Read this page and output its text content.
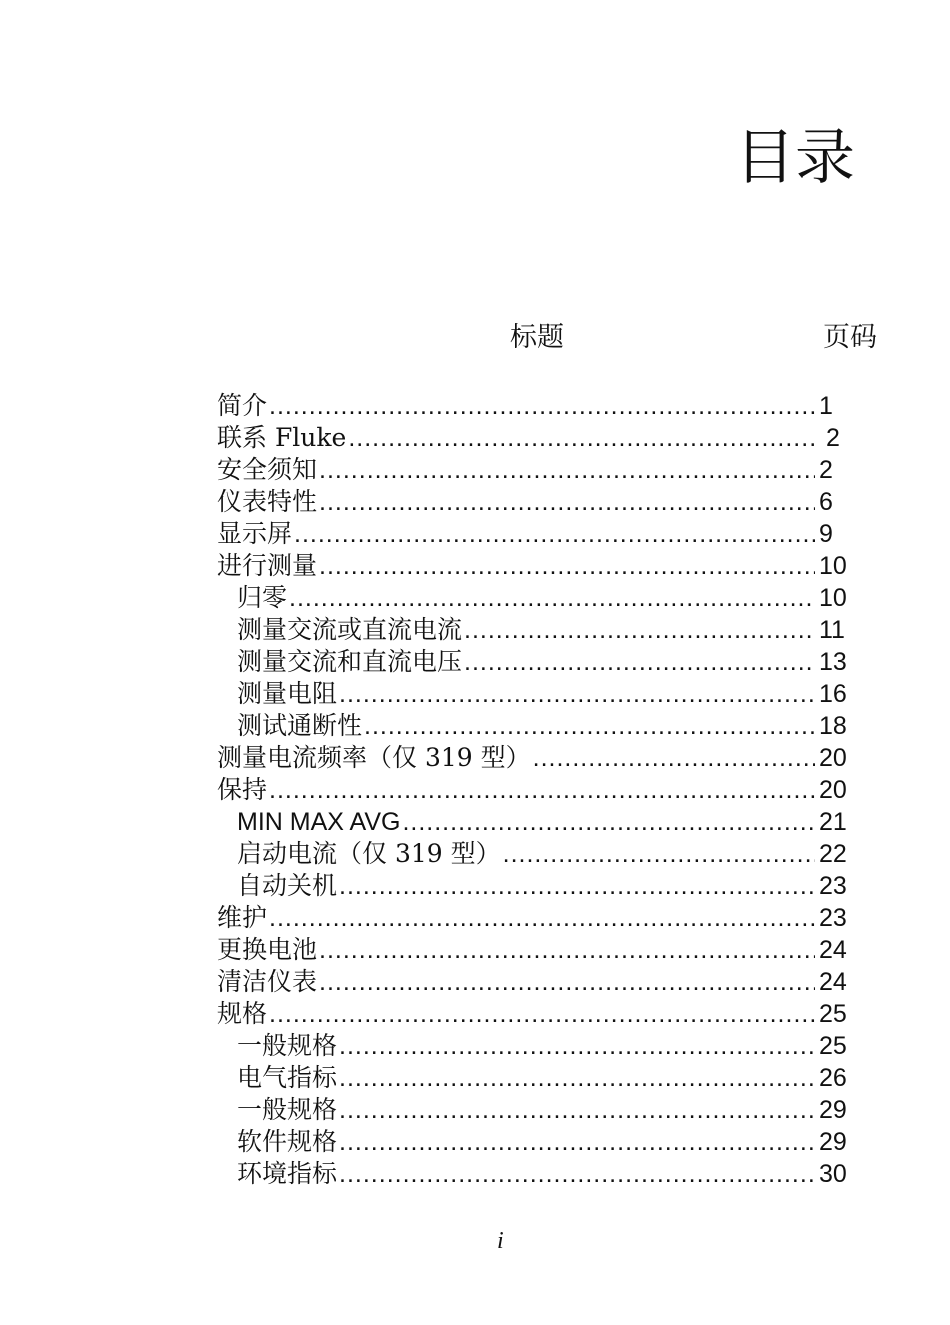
目录
标题	页码
简介 .....	1
联系 Fluke .....	2
安全须知 .....	2
仪表特性 .....	6
显示屏 .....	9
进行测量 .....	10
归零 .....	10
测量交流或直流电流 .....	11
测量交流和直流电压 .....	13
测量电阻 .....	16
测试通断性 .....	18
测量电流频率（仅 319 型） .....	20
保持 .....	20
MIN MAX AVG .....	21
启动电流（仅 319 型） .....	22
自动关机 .....	23
维护 .....	23
更换电池 .....	24
清洁仪表 .....	24
规格 .....	25
一般规格 .....	25
电气指标 .....	26
一般规格 .....	29
软件规格 .....	29
环境指标 .....	30
i
